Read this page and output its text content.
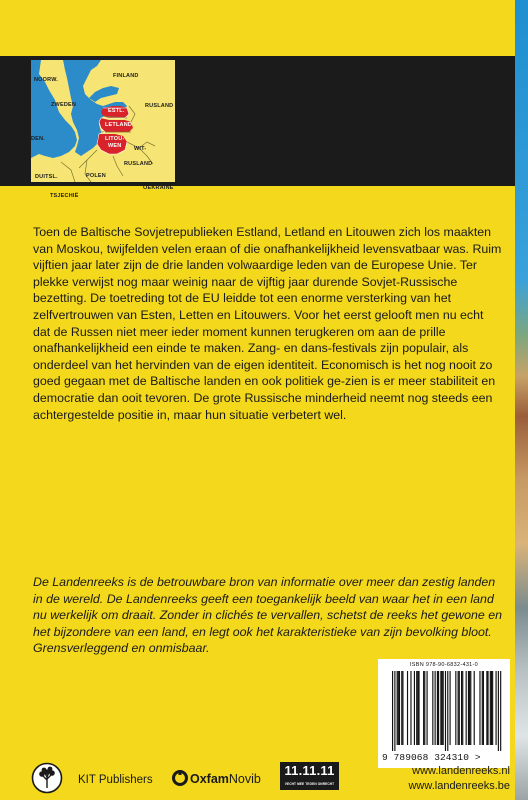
NOORW.
FINLAND
ZWEDEN	RUSLAND
ESTL.
LETLAND
LITOU-
WEN
DEN.
WIT-
RUSLAND
DUITSL.	POLEN
OEKRAÏNE
TSJECHIË

Toen de Baltische Sovjetrepublieken Estland, Letland en Litouwen zich los maakten van Moskou, twijfelden velen eraan of die onafhankelijkheid levensvatbaar was. Ruim vijftien jaar later zijn de drie landen volwaardige leden van de Europese Unie. Ter plekke verwijst nog maar weinig naar de vijftig jaar durende Sovjet-Russische bezetting. De toetreding tot de EU leidde tot een enorme versterking van het zelfvertrouwen van Esten, Letten en Litouwers. Voor het eerst gelooft men nu echt dat de Russen niet meer ieder moment kunnen terugkeren om aan de prille onafhankelijkheid een einde te maken. Zang- en dans-festivals zijn populair, als onderdeel van het hervinden van de eigen identiteit. Economisch is het nog nooit zo goed gegaan met de Baltische landen en ook politiek ge-zien is er meer stabiliteit en democratie dan ooit tevoren. De grote Russische minderheid neemt nog steeds een achtergestelde positie in, maar hun situatie verbetert wel.

De Landenreeks is de betrouwbare bron van informatie over meer dan zestig landen in de wereld. De Landenreeks geeft een toegankelijk beeld van waar het in een land nu werkelijk om draait. Zonder in clichés te vervallen, schetst de reeks het gewone en het bijzondere van een land, en legt ook het karakteristieke van zijn bevolking bloot. Grensverleggend en onmisbaar.

ISBN 978-90-6832-431-0
9 789068 324310 >
KIT Publishers	OxfamNovib
11.11.11
VECHT MEE TEGEN ONRECHT
www.landenreeks.nl
www.landenreeks.be
